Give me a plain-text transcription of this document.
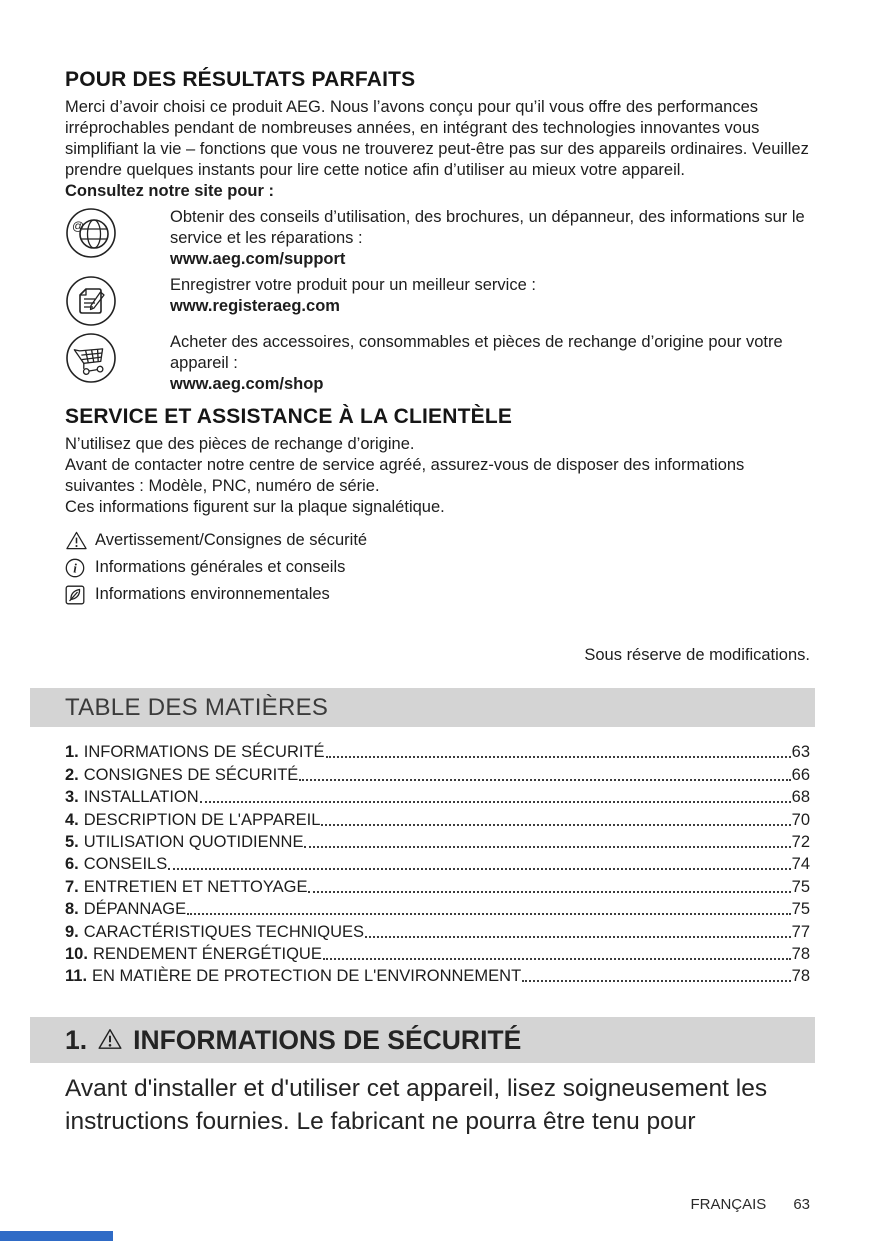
POUR DES RÉSULTATS PARFAITS

Merci d’avoir choisi ce produit AEG. Nous l’avons conçu pour qu’il vous offre des performances irréprochables pendant de nombreuses années, en intégrant des technologies innovantes vous simplifiant la vie – fonctions que vous ne trouverez peut-être pas sur des appareils ordinaires. Veuillez prendre quelques instants pour lire cette notice afin d’utiliser au mieux votre appareil.

Consultez notre site pour :

@	Obtenir des conseils d’utilisation, des brochures, un dépanneur, des informations sur le service et les réparations :
www.aeg.com/support
Enregistrer votre produit pour un meilleur service :
www.registeraeg.com
Acheter des accessoires, consommables et pièces de rechange d’origine pour votre appareil :
www.aeg.com/shop
SERVICE ET ASSISTANCE À LA CLIENTÈLE

N’utilisez que des pièces de rechange d’origine.

Avant de contacter notre centre de service agréé, assurez-vous de disposer des informations suivantes : Modèle, PNC, numéro de série.

Ces informations figurent sur la plaque signalétique.

Avertissement/Consignes de sécurité
i Informations générales et conseils
Informations environnementales

Sous réserve de modifications.

TABLE DES MATIÈRES
1. INFORMATIONS DE SÉCURITÉ	63
2. CONSIGNES DE SÉCURITÉ	66
3. INSTALLATION	68
4. DESCRIPTION DE L'APPAREIL	70
5. UTILISATION QUOTIDIENNE	72
6. CONSEILS	74
7. ENTRETIEN ET NETTOYAGE	75
8. DÉPANNAGE	75
9. CARACTÉRISTIQUES TECHNIQUES	77
10. RENDEMENT ÉNERGÉTIQUE	78
11. EN MATIÈRE DE PROTECTION DE L'ENVIRONNEMENT	78
1. INFORMATIONS DE SÉCURITÉ

Avant d'installer et d'utiliser cet appareil, lisez soigneusement les instructions fournies. Le fabricant ne pourra être tenu pour

FRANÇAIS 63
